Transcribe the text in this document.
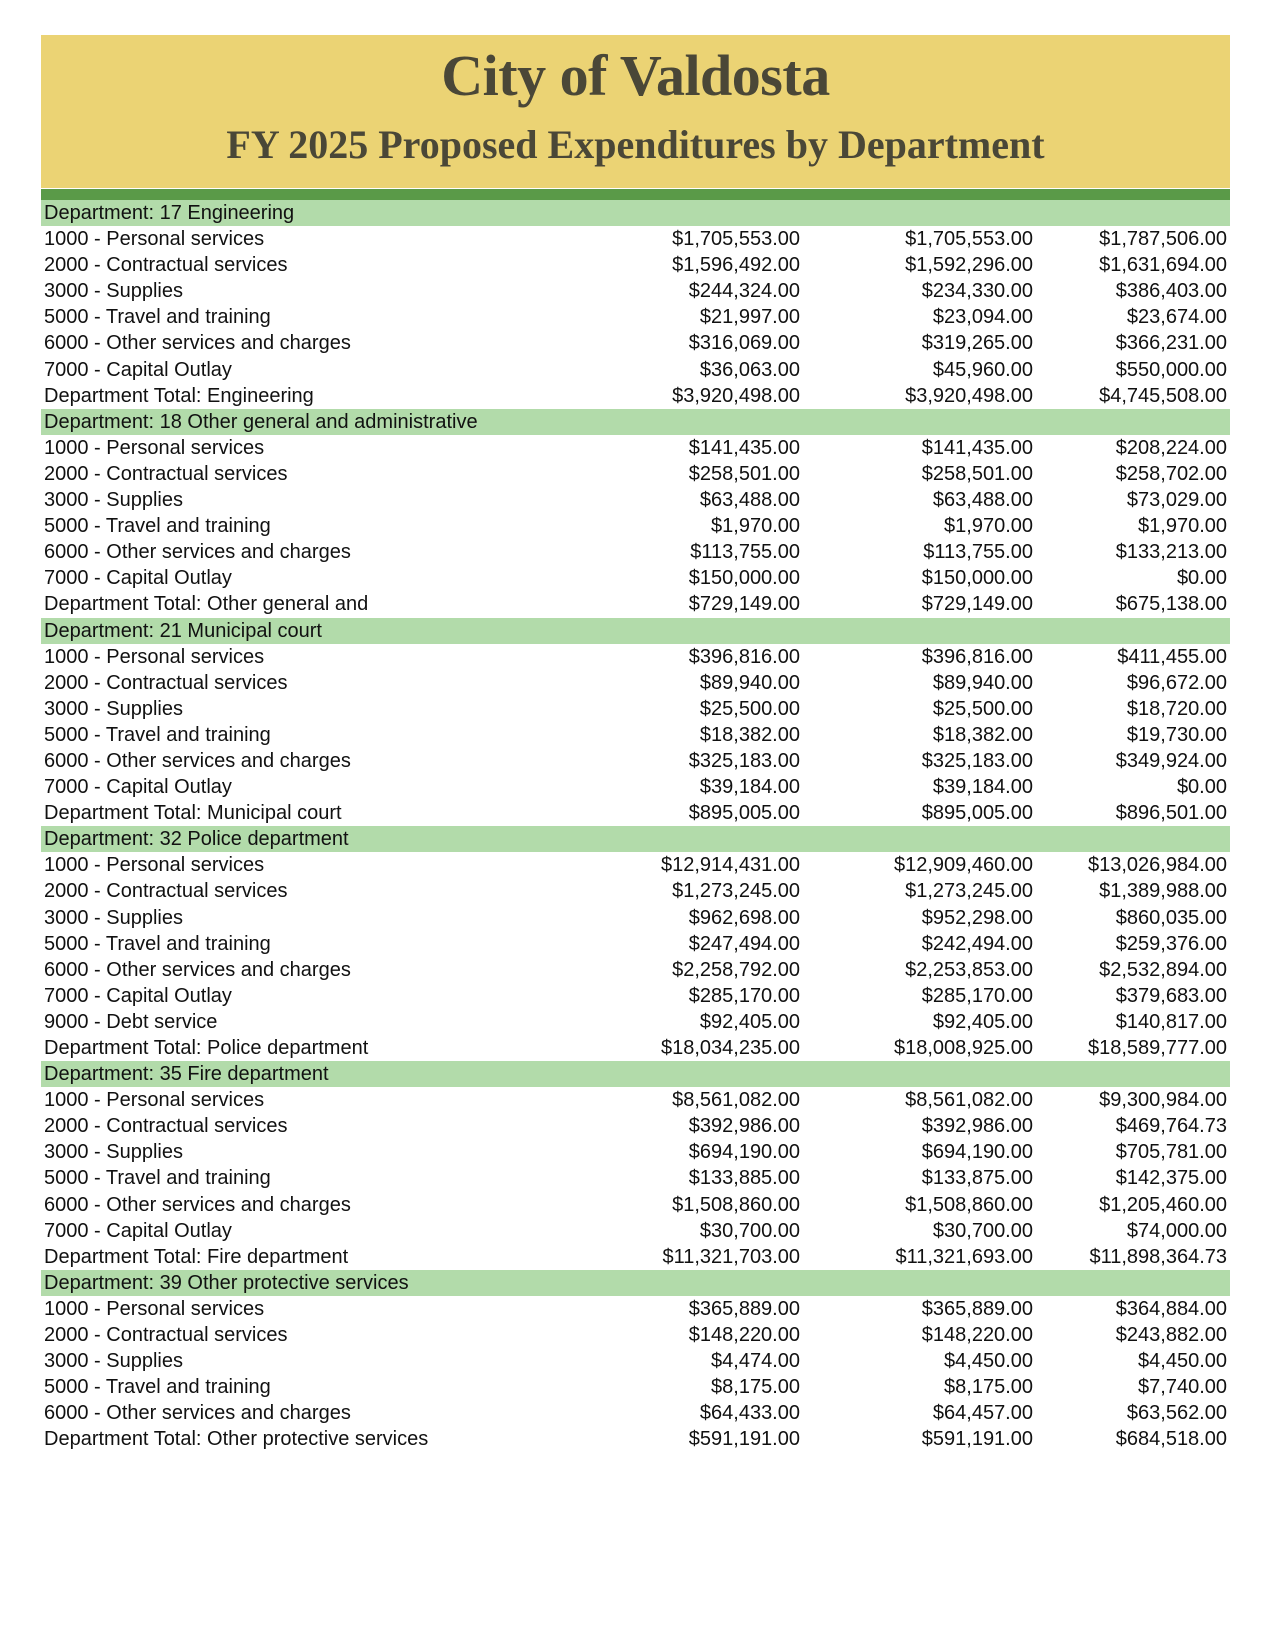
City of Valdosta
FY 2025 Proposed Expenditures by Department
Department: 17 Engineering
1000 - Personal services	$1,705,553.00	$1,705,553.00	$1,787,506.00
2000 - Contractual services	$1,596,492.00	$1,592,296.00	$1,631,694.00
3000 - Supplies	$244,324.00	$234,330.00	$386,403.00
5000 - Travel and training	$21,997.00	$23,094.00	$23,674.00
6000 - Other services and charges	$316,069.00	$319,265.00	$366,231.00
7000 - Capital Outlay	$36,063.00	$45,960.00	$550,000.00
Department Total: Engineering	$3,920,498.00	$3,920,498.00	$4,745,508.00
Department: 18 Other general and administrative
1000 - Personal services	$141,435.00	$141,435.00	$208,224.00
2000 - Contractual services	$258,501.00	$258,501.00	$258,702.00
3000 - Supplies	$63,488.00	$63,488.00	$73,029.00
5000 - Travel and training	$1,970.00	$1,970.00	$1,970.00
6000 - Other services and charges	$113,755.00	$113,755.00	$133,213.00
7000 - Capital Outlay	$150,000.00	$150,000.00	$0.00
Department Total: Other general and	$729,149.00	$729,149.00	$675,138.00
Department: 21 Municipal court
1000 - Personal services	$396,816.00	$396,816.00	$411,455.00
2000 - Contractual services	$89,940.00	$89,940.00	$96,672.00
3000 - Supplies	$25,500.00	$25,500.00	$18,720.00
5000 - Travel and training	$18,382.00	$18,382.00	$19,730.00
6000 - Other services and charges	$325,183.00	$325,183.00	$349,924.00
7000 - Capital Outlay	$39,184.00	$39,184.00	$0.00
Department Total: Municipal court	$895,005.00	$895,005.00	$896,501.00
Department: 32 Police department
1000 - Personal services	$12,914,431.00	$12,909,460.00	$13,026,984.00
2000 - Contractual services	$1,273,245.00	$1,273,245.00	$1,389,988.00
3000 - Supplies	$962,698.00	$952,298.00	$860,035.00
5000 - Travel and training	$247,494.00	$242,494.00	$259,376.00
6000 - Other services and charges	$2,258,792.00	$2,253,853.00	$2,532,894.00
7000 - Capital Outlay	$285,170.00	$285,170.00	$379,683.00
9000 - Debt service	$92,405.00	$92,405.00	$140,817.00
Department Total: Police department	$18,034,235.00	$18,008,925.00	$18,589,777.00
Department: 35 Fire department
1000 - Personal services	$8,561,082.00	$8,561,082.00	$9,300,984.00
2000 - Contractual services	$392,986.00	$392,986.00	$469,764.73
3000 - Supplies	$694,190.00	$694,190.00	$705,781.00
5000 - Travel and training	$133,885.00	$133,875.00	$142,375.00
6000 - Other services and charges	$1,508,860.00	$1,508,860.00	$1,205,460.00
7000 - Capital Outlay	$30,700.00	$30,700.00	$74,000.00
Department Total: Fire department	$11,321,703.00	$11,321,693.00	$11,898,364.73
Department: 39 Other protective services
1000 - Personal services	$365,889.00	$365,889.00	$364,884.00
2000 - Contractual services	$148,220.00	$148,220.00	$243,882.00
3000 - Supplies	$4,474.00	$4,450.00	$4,450.00
5000 - Travel and training	$8,175.00	$8,175.00	$7,740.00
6000 - Other services and charges	$64,433.00	$64,457.00	$63,562.00
Department Total: Other protective services	$591,191.00	$591,191.00	$684,518.00
